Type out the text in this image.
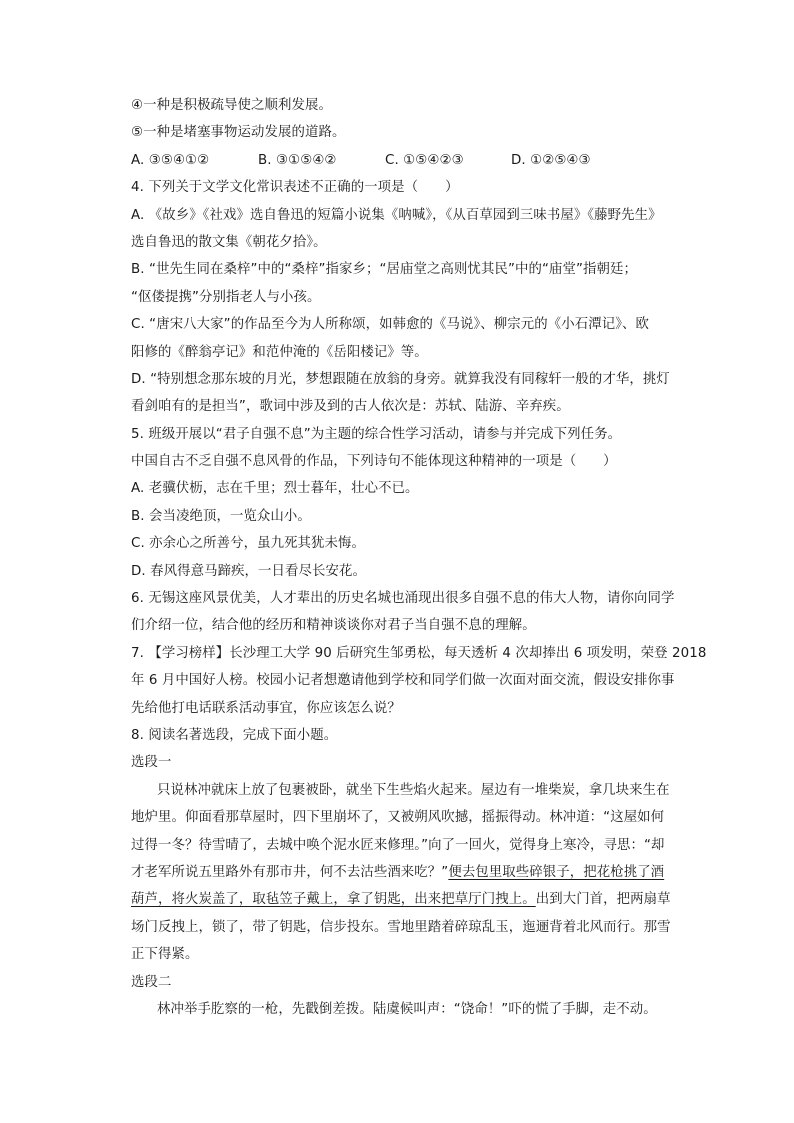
④一种是积极疏导使之顺利发展。
⑤一种是堵塞事物运动发展的道路。
A. ③⑤④①②	B. ③①⑤④②	C. ①⑤④②③	D. ①②⑤④③
4. 下列关于文学文化常识表述不正确的一项是（　　）
A. 《故乡》《社戏》选自鲁迅的短篇小说集《呐喊》，《从百草园到三味书屋》《藤野先生》
选自鲁迅的散文集《朝花夕拾》。
B. “世先生同在桑梓”中的“桑梓”指家乡；“居庙堂之高则忧其民”中的“庙堂”指朝廷；
“伛偻提携”分别指老人与小孩。
C. “唐宋八大家”的作品至今为人所称颂，如韩愈的《马说》、柳宗元的《小石潭记》、欧
阳修的《醉翁亭记》和范仲淹的《岳阳楼记》等。
D. “特别想念那东坡的月光，梦想跟随在放翁的身旁。就算我没有同稼轩一般的才华，挑灯
看剑咱有的是担当”，歌词中涉及到的古人依次是：苏轼、陆游、辛弃疾。
5. 班级开展以“君子自强不息”为主题的综合性学习活动，请参与并完成下列任务。
中国自古不乏自强不息风骨的作品，下列诗句不能体现这种精神的一项是（　　）
A. 老骥伏枥，志在千里；烈士暮年，壮心不已。
B. 会当凌绝顶，一览众山小。
C. 亦余心之所善兮，虽九死其犹未悔。
D. 春风得意马蹄疾，一日看尽长安花。
6. 无锡这座风景优美，人才辈出的历史名城也涌现出很多自强不息的伟大人物，请你向同学
们介绍一位，结合他的经历和精神谈谈你对君子当自强不息的理解。
7. 【学习榜样】长沙理工大学 90 后研究生邹勇松，每天透析 4 次却捧出 6 项发明，荣登 2018
年 6 月中国好人榜。校园小记者想邀请他到学校和同学们做一次面对面交流，假设安排你事
先给他打电话联系活动事宜，你应该怎么说？
8. 阅读名著选段，完成下面小题。
选段一
只说林冲就床上放了包裹被卧，就坐下生些焰火起来。屋边有一堆柴炭，拿几块来生在
地炉里。仰面看那草屋时，四下里崩坏了，又被朔风吹撼，摇振得动。林冲道：“这屋如何
过得一冬？待雪晴了，去城中唤个泥水匠来修理。”向了一回火，觉得身上寒冷，寻思：“却
才老军所说五里路外有那市井，何不去沽些酒来吃？”便去包里取些碎银子，把花枪挑了酒
葫芦，将火炭盖了，取毡笠子戴上，拿了钥匙，出来把草厅门拽上。出到大门首，把两扇草
场门反拽上，锁了，带了钥匙，信步投东。雪地里踏着碎琼乱玉，迤逦背着北风而行。那雪
正下得紧。
选段二
林冲举手肐察的一枪，先戳倒差拨。陆虞候叫声：“饶命！”吓的慌了手脚，走不动。
